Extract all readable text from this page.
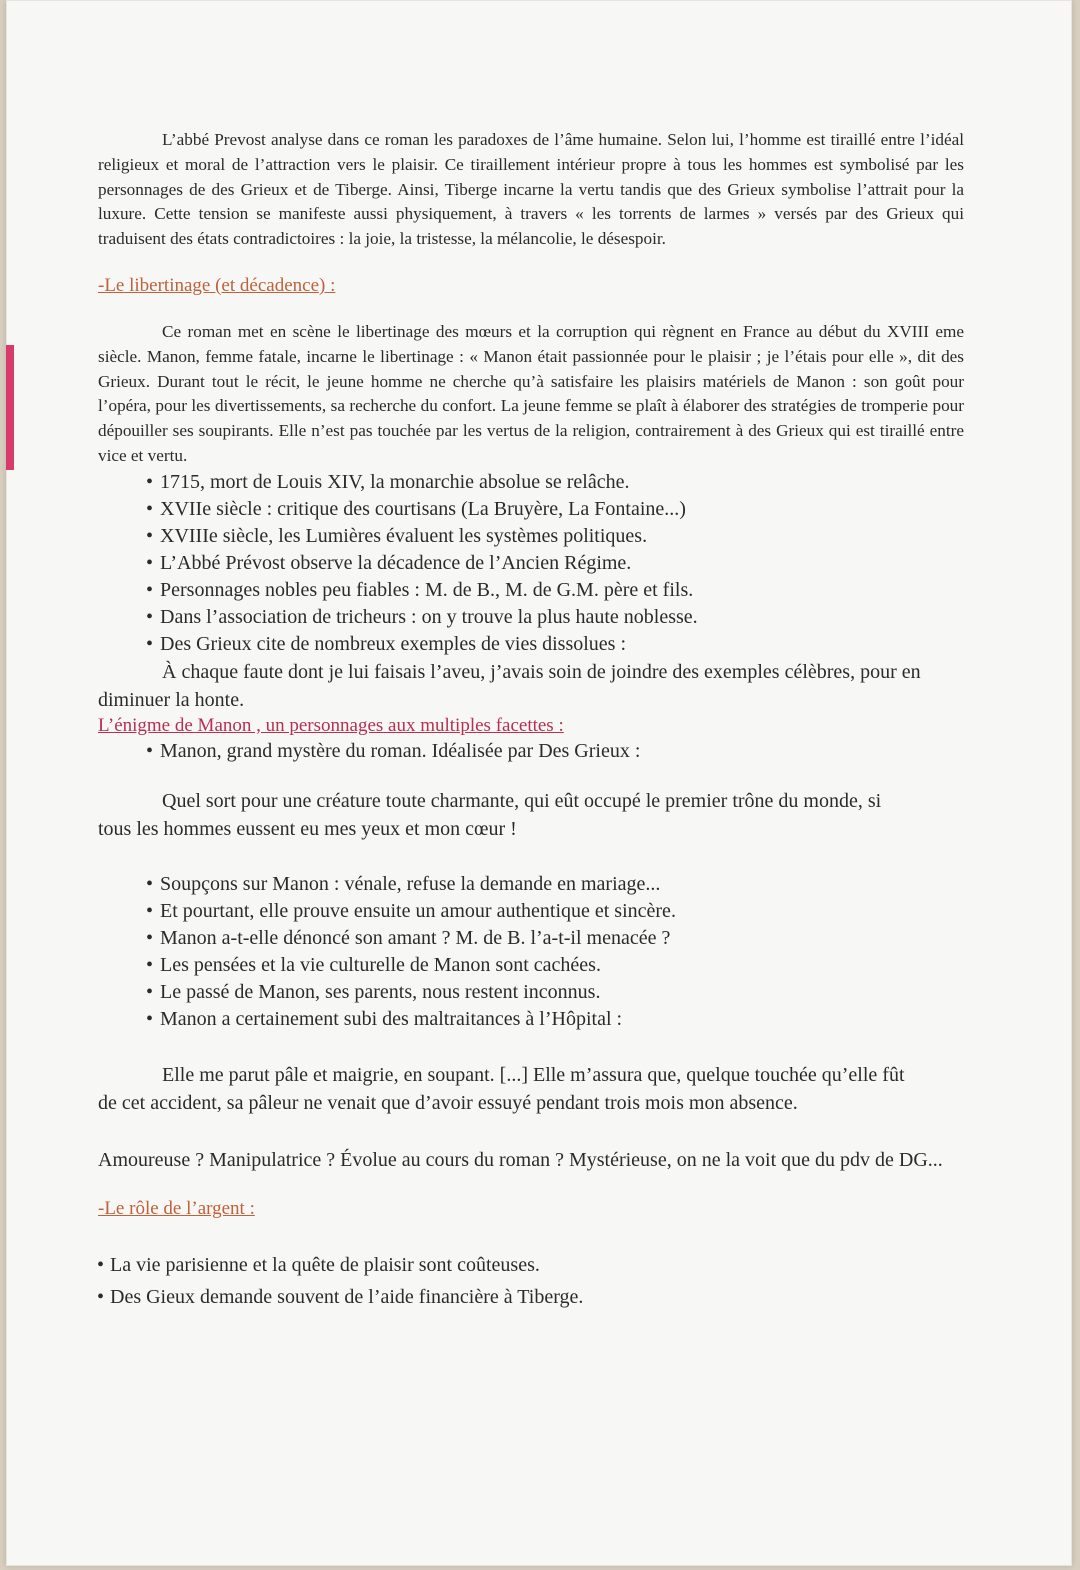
L’abbé Prevost analyse dans ce roman les paradoxes de l’âme humaine. Selon lui, l’homme est tiraillé entre l’idéal religieux et moral de l’attraction vers le plaisir. Ce tiraillement intérieur propre à tous les hommes est symbolisé par les personnages de des Grieux et de Tiberge. Ainsi, Tiberge incarne la vertu tandis que des Grieux symbolise l’attrait pour la luxure. Cette tension se manifeste aussi physiquement, à travers « les torrents de larmes » versés par des Grieux qui traduisent des états contradictoires : la joie, la tristesse, la mélancolie, le désespoir.

-Le libertinage (et décadence) :

Ce roman met en scène le libertinage des mœurs et la corruption qui règnent en France au début du XVIII eme siècle. Manon, femme fatale, incarne le libertinage : « Manon était passionnée pour le plaisir ; je l’étais pour elle », dit des Grieux. Durant tout le récit, le jeune homme ne cherche qu’à satisfaire les plaisirs matériels de Manon : son goût pour l’opéra, pour les divertissements, sa recherche du confort. La jeune femme se plaît à élaborer des stratégies de tromperie pour dépouiller ses soupirants. Elle n’est pas touchée par les vertus de la religion, contrairement à des Grieux qui est tiraillé entre vice et vertu.

• 1715, mort de Louis XIV, la monarchie absolue se relâche.
• XVIIe siècle : critique des courtisans (La Bruyère, La Fontaine...)
• XVIIIe siècle, les Lumières évaluent les systèmes politiques.
• L’Abbé Prévost observe la décadence de l’Ancien Régime.
• Personnages nobles peu fiables : M. de B., M. de G.M. père et fils.
• Dans l’association de tricheurs : on y trouve la plus haute noblesse.
• Des Grieux cite de nombreux exemples de vies dissolues :

À chaque faute dont je lui faisais l’aveu, j’avais soin de joindre des exemples célèbres, pour en diminuer la honte.

L’énigme de Manon , un personnages aux multiples facettes :

• Manon, grand mystère du roman. Idéalisée par Des Grieux :

Quel sort pour une créature toute charmante, qui eût occupé le premier trône du monde, si tous les hommes eussent eu mes yeux et mon cœur !

• Soupçons sur Manon : vénale, refuse la demande en mariage...
• Et pourtant, elle prouve ensuite un amour authentique et sincère.
• Manon a-t-elle dénoncé son amant ? M. de B. l’a-t-il menacée ?
• Les pensées et la vie culturelle de Manon sont cachées.
• Le passé de Manon, ses parents, nous restent inconnus.
• Manon a certainement subi des maltraitances à l’Hôpital :

Elle me parut pâle et maigrie, en soupant. [...] Elle m’assura que, quelque touchée qu’elle fût de cet accident, sa pâleur ne venait que d’avoir essuyé pendant trois mois mon absence.

Amoureuse ? Manipulatrice ? Évolue au cours du roman ? Mystérieuse, on ne la voit que du pdv de DG...

-Le rôle de l’argent :

• La vie parisienne et la quête de plaisir sont coûteuses.
• Des Gieux demande souvent de l’aide financière à Tiberge.
